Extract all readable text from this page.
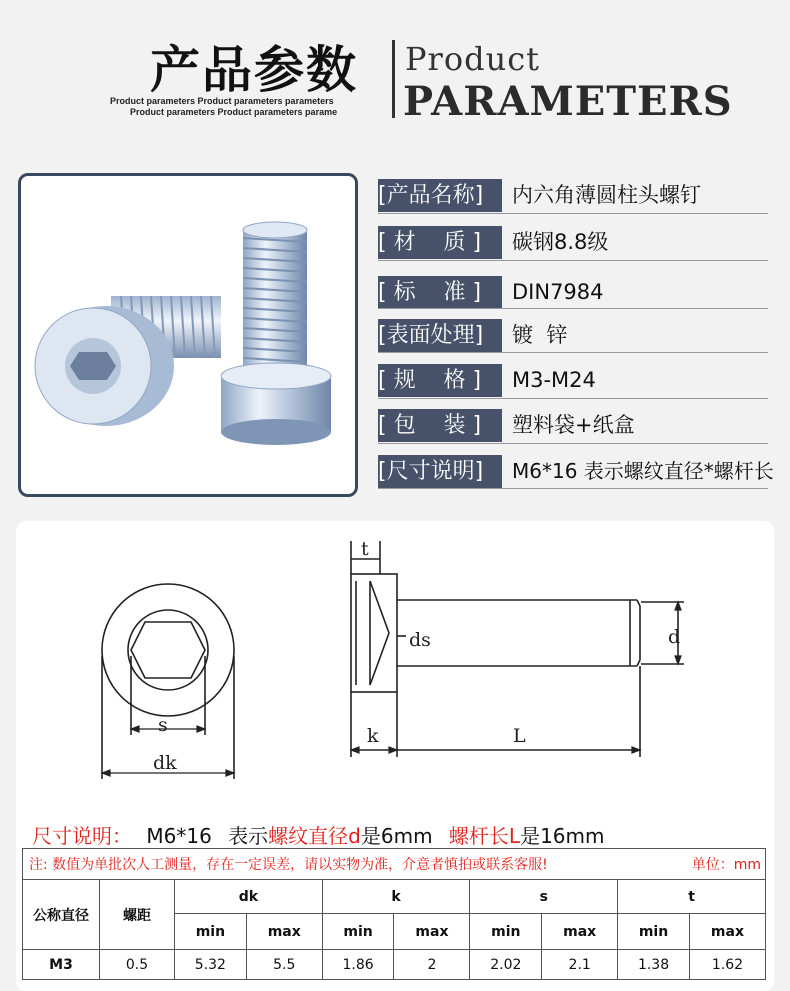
产品参数
Product parameters Product parameters parameters
Product parameters Product parameters parame
Product
PARAMETERS
[产品名称]	内六角薄圆柱头螺钉
[ 材    质 ]	碳钢8.8级
[ 标    准 ]	DIN7984
[表面处理]	镀  锌
[ 规    格 ]	M3-M24
[ 包    装 ]	塑料袋+纸盒
[尺寸说明]	M6*16 表示螺纹直径*螺杆长
s
dk
t
ds	d
k	L
尺寸说明： M6*16 表示螺纹直径d是6mm 螺杆长L是16mm
注: 数值为单批次人工测量，存在一定误差，请以实物为准，介意者慎拍或联系客服! 单位：mm									

公称直径	螺距	dk		k		s		t	
		min	max	min	max	min	max	min	max
M3	0.5	5.32	5.5	1.86	2	2.02	2.1	1.38	1.62
